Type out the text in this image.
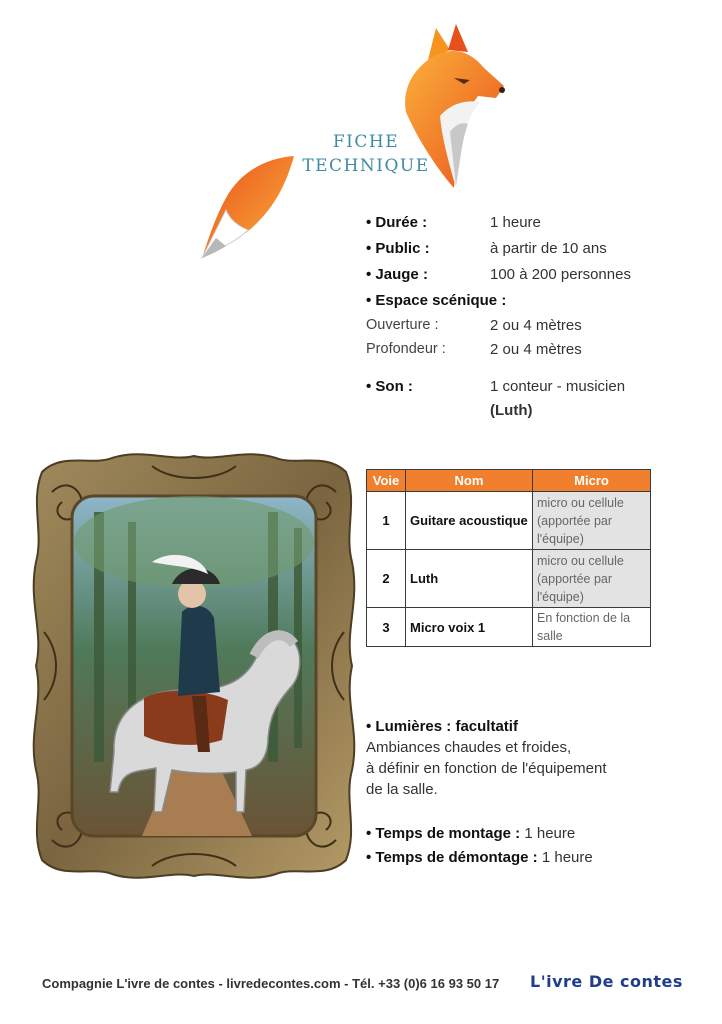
FICHE
TECHNIQUE
• Durée :	1 heure
• Public :	à partir de 10 ans
• Jauge :	100 à 200 personnes
• Espace scénique :
Ouverture :	2 ou 4 mètres
Profondeur :	2 ou 4 mètres
• Son :	1 conteur - musicien
(Luth)
Voie	Nom	Micro
1	Guitare acoustique	micro ou cellule (apportée par l'équipe)
2	Luth	micro ou cellule (apportée par l'équipe)
3	Micro voix 1	En fonction de la salle
• Lumières : facultatif
Ambiances chaudes et froides,
à définir en fonction de l'équipement
de la salle.
• Temps de montage : 1 heure
• Temps de démontage : 1 heure
Compagnie L'ivre de contes - livredecontes.com - Tél. +33 (0)6 16 93 50 17 L'ivre De contes
